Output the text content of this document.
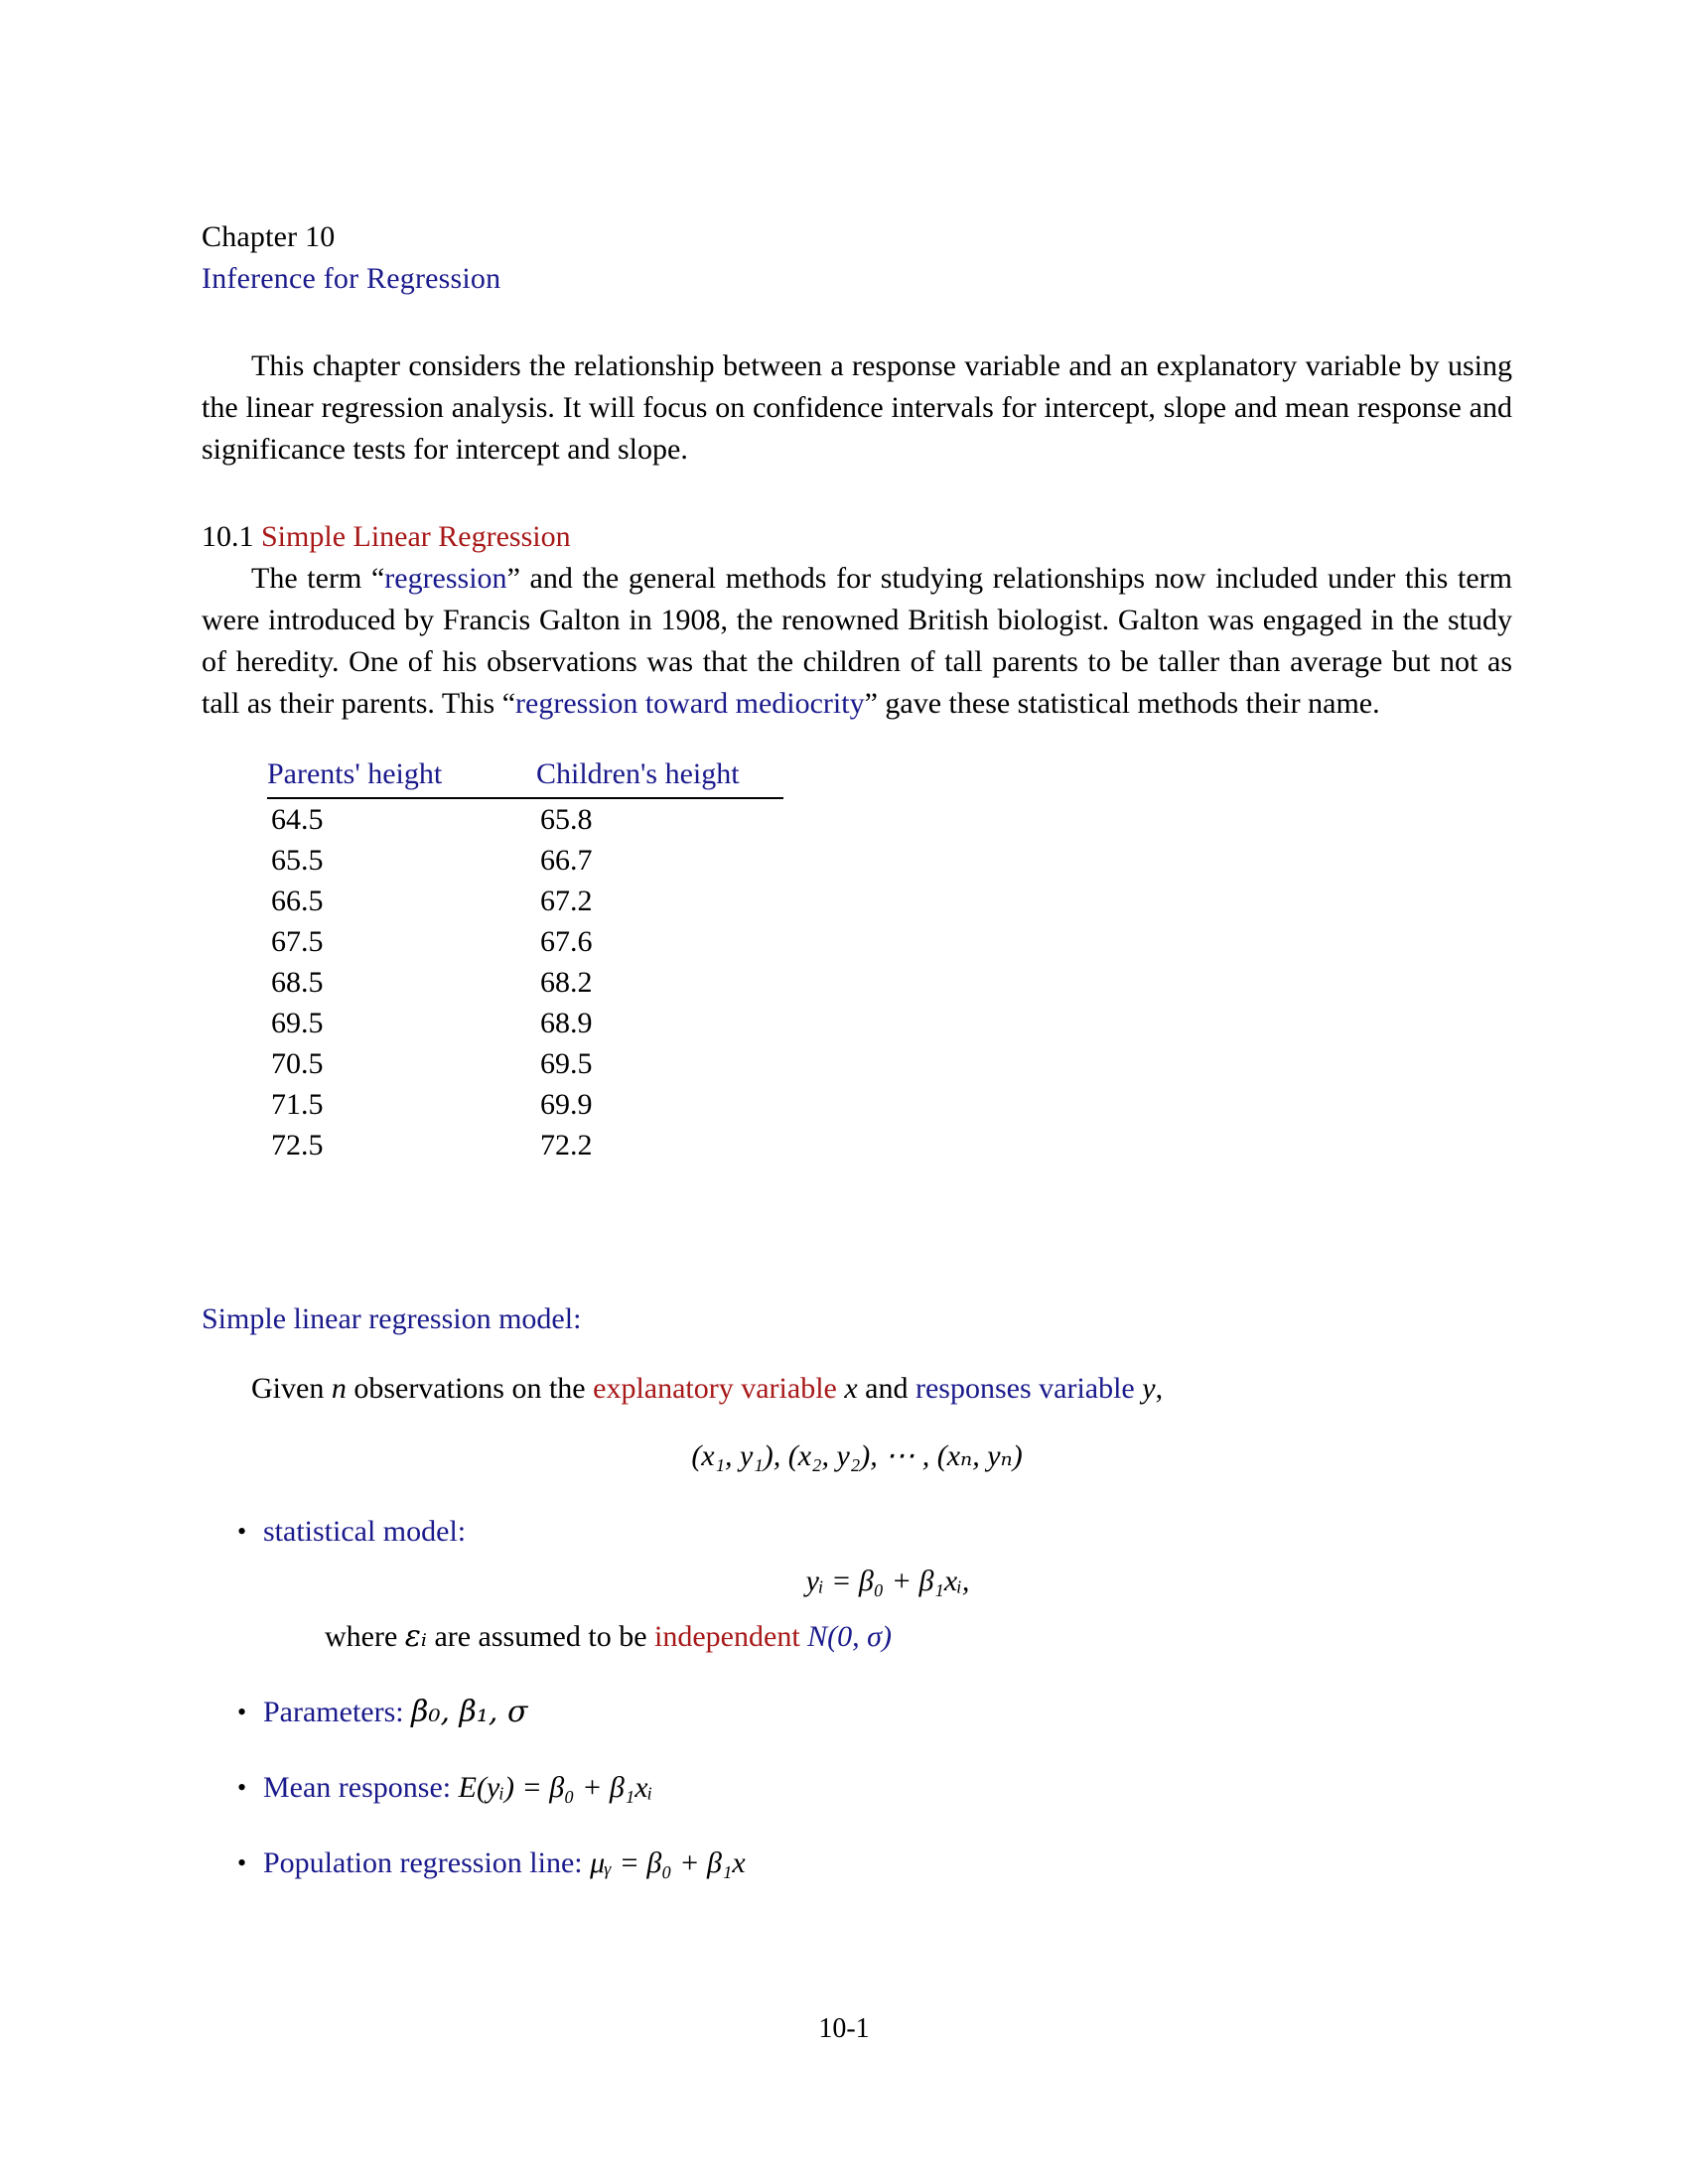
Chapter 10
Inference for Regression

This chapter considers the relationship between a response variable and an explanatory variable by using the linear regression analysis. It will focus on confidence intervals for intercept, slope and mean response and significance tests for intercept and slope.

10.1 Simple Linear Regression

The term “regression” and the general methods for studying relationships now included under this term were introduced by Francis Galton in 1908, the renowned British biologist. Galton was engaged in the study of heredity. One of his observations was that the children of tall parents to be taller than average but not as tall as their parents. This “regression toward mediocrity” gave these statistical methods their name.

Parents' height	Children's height
64.5	65.8
65.5	66.7
66.5	67.2
67.5	67.6
68.5	68.2
69.5	68.9
70.5	69.5
71.5	69.9
72.5	72.2
Simple linear regression model:
Given n observations on the explanatory variable x and responses variable y,
(x₁, y₁), (x₂, y₂), ⋯ , (xₙ, yₙ)
• statistical model:
yᵢ = β₀ + β₁xᵢ,
where εᵢ are assumed to be independent N(0, σ)
• Parameters: β₀, β₁, σ
• Mean response: E(yᵢ) = β₀ + β₁xᵢ
• Population regression line: μᵧ = β₀ + β₁x
10-1
